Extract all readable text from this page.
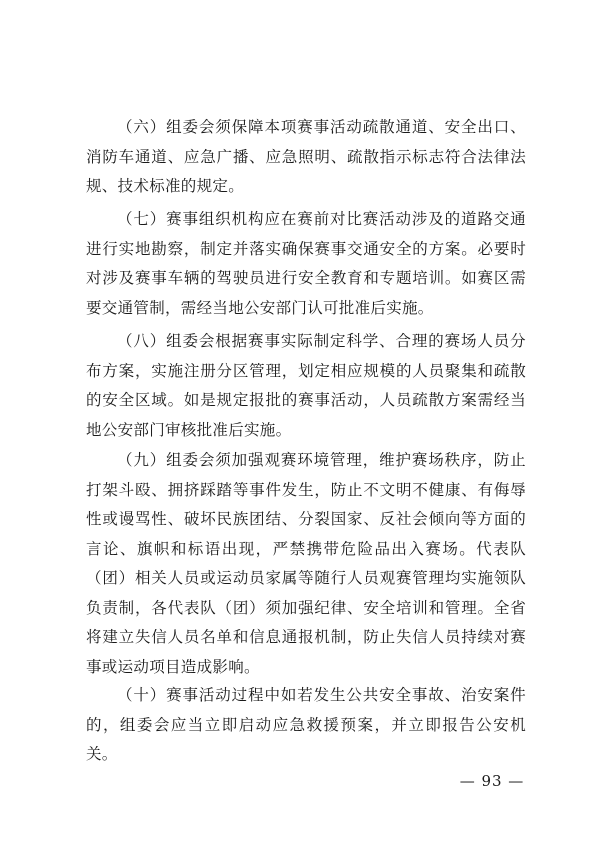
（六）组委会须保障本项赛事活动疏散通道、安全出口、消防车通道、应急广播、应急照明、疏散指示标志符合法律法规、技术标准的规定。

（七）赛事组织机构应在赛前对比赛活动涉及的道路交通进行实地勘察，制定并落实确保赛事交通安全的方案。必要时对涉及赛事车辆的驾驶员进行安全教育和专题培训。如赛区需要交通管制，需经当地公安部门认可批准后实施。

（八）组委会根据赛事实际制定科学、合理的赛场人员分布方案，实施注册分区管理，划定相应规模的人员聚集和疏散的安全区域。如是规定报批的赛事活动，人员疏散方案需经当地公安部门审核批准后实施。

（九）组委会须加强观赛环境管理，维护赛场秩序，防止打架斗殴、拥挤踩踏等事件发生，防止不文明不健康、有侮辱性或谩骂性、破坏民族团结、分裂国家、反社会倾向等方面的言论、旗帜和标语出现，严禁携带危险品出入赛场。代表队（团）相关人员或运动员家属等随行人员观赛管理均实施领队负责制，各代表队（团）须加强纪律、安全培训和管理。全省将建立失信人员名单和信息通报机制，防止失信人员持续对赛事或运动项目造成影响。

（十）赛事活动过程中如若发生公共安全事故、治安案件的，组委会应当立即启动应急救援预案，并立即报告公安机关。

— 93 —
